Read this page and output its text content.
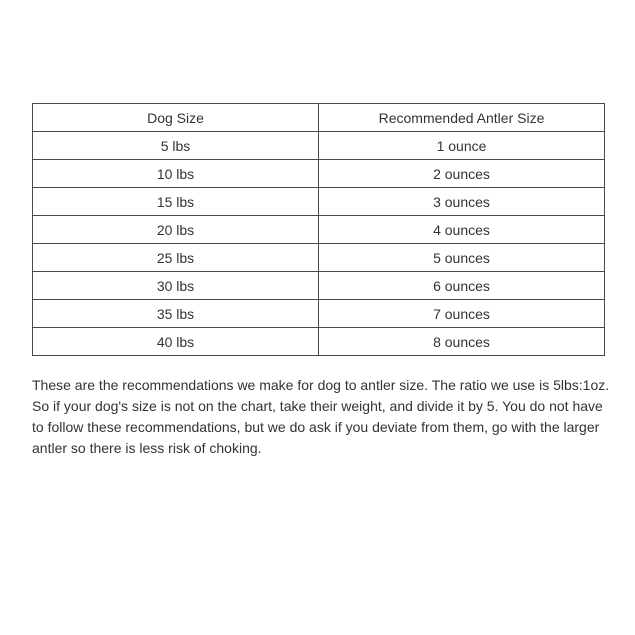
Dog Size	Recommended Antler Size
5 lbs	1 ounce
10 lbs	2 ounces
15 lbs	3 ounces
20 lbs	4 ounces
25 lbs	5 ounces
30 lbs	6 ounces
35 lbs	7 ounces
40 lbs	8 ounces
These are the recommendations we make for dog to antler size. The ratio we use is 5lbs:1oz. So if your dog's size is not on the chart, take their weight, and divide it by 5. You do not have to follow these recommendations, but we do ask if you deviate from them, go with the larger antler so there is less risk of choking.
